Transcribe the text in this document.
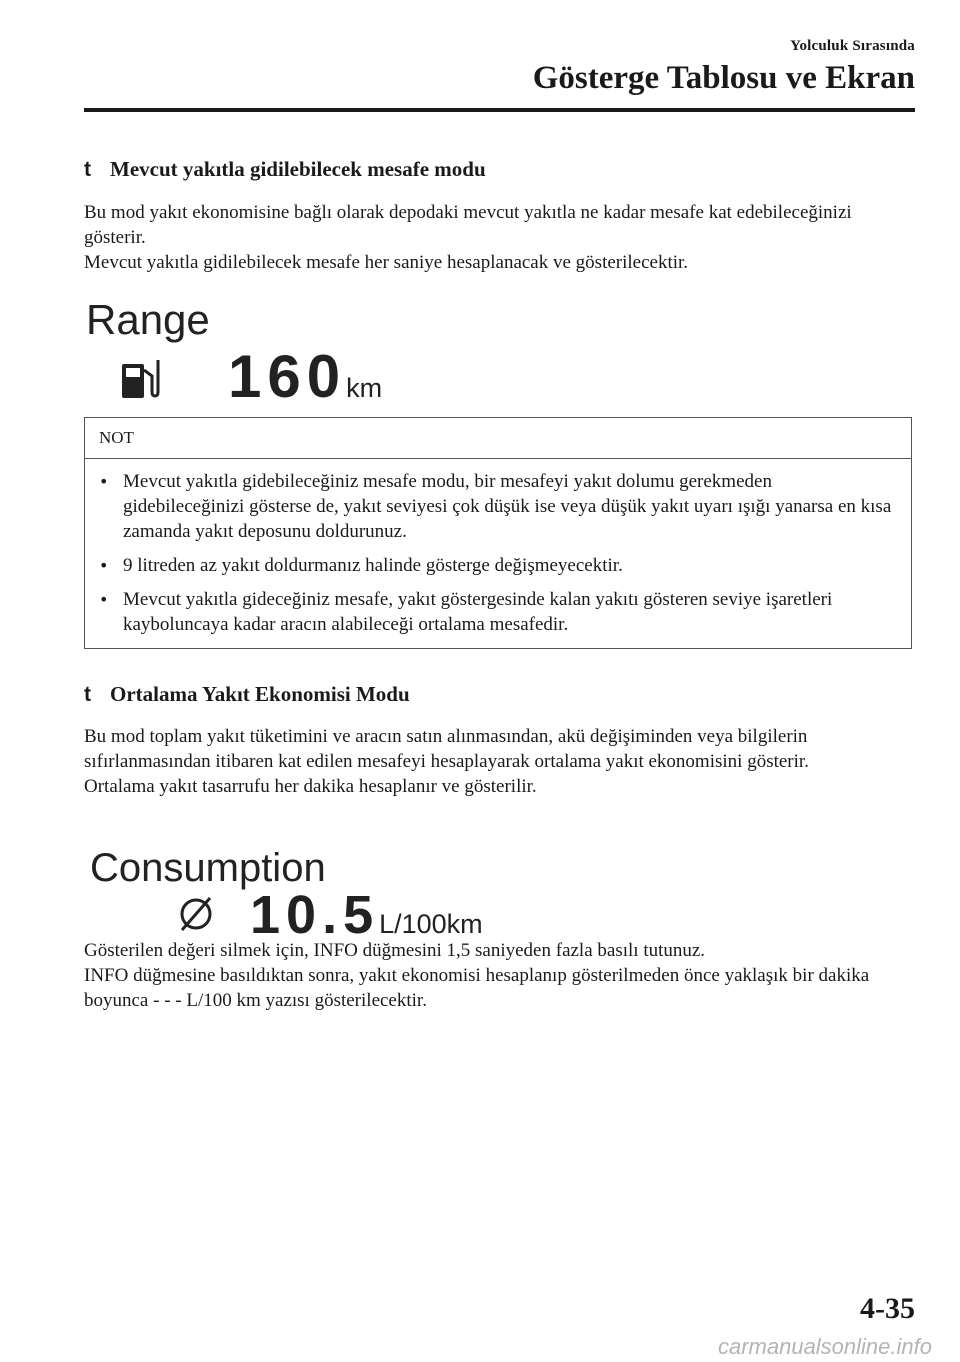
Yolculuk Sırasında
Gösterge Tablosu ve Ekran
t Mevcut yakıtla gidilebilecek mesafe modu

Bu mod yakıt ekonomisine bağlı olarak depodaki mevcut yakıtla ne kadar mesafe kat edebileceğinizi gösterir.

Mevcut yakıtla gidilebilecek mesafe her saniye hesaplanacak ve gösterilecektir.

Range
160km
NOT
• Mevcut yakıtla gidebileceğiniz mesafe modu, bir mesafeyi yakıt dolumu gerekmeden gidebileceğinizi gösterse de, yakıt seviyesi çok düşük ise veya düşük yakıt uyarı ışığı yanarsa en kısa zamanda yakıt deposunu doldurunuz.
• 9 litreden az yakıt doldurmanız halinde gösterge değişmeyecektir.
• Mevcut yakıtla gideceğiniz mesafe, yakıt göstergesinde kalan yakıtı gösteren seviye işaretleri kayboluncaya kadar aracın alabileceği ortalama mesafedir.
t Ortalama Yakıt Ekonomisi Modu

Bu mod toplam yakıt tüketimini ve aracın satın alınmasından, akü değişiminden veya bilgilerin sıfırlanmasından itibaren kat edilen mesafeyi hesaplayarak ortalama yakıt ekonomisini gösterir.

Ortalama yakıt tasarrufu her dakika hesaplanır ve gösterilir.

Consumption
10.5L/100km

Gösterilen değeri silmek için, INFO düğmesini 1,5 saniyeden fazla basılı tutunuz.

INFO düğmesine basıldıktan sonra, yakıt ekonomisi hesaplanıp gösterilmeden önce yaklaşık bir dakika boyunca - - - L/100 km yazısı gösterilecektir.

4-35
carmanualsonline.info
